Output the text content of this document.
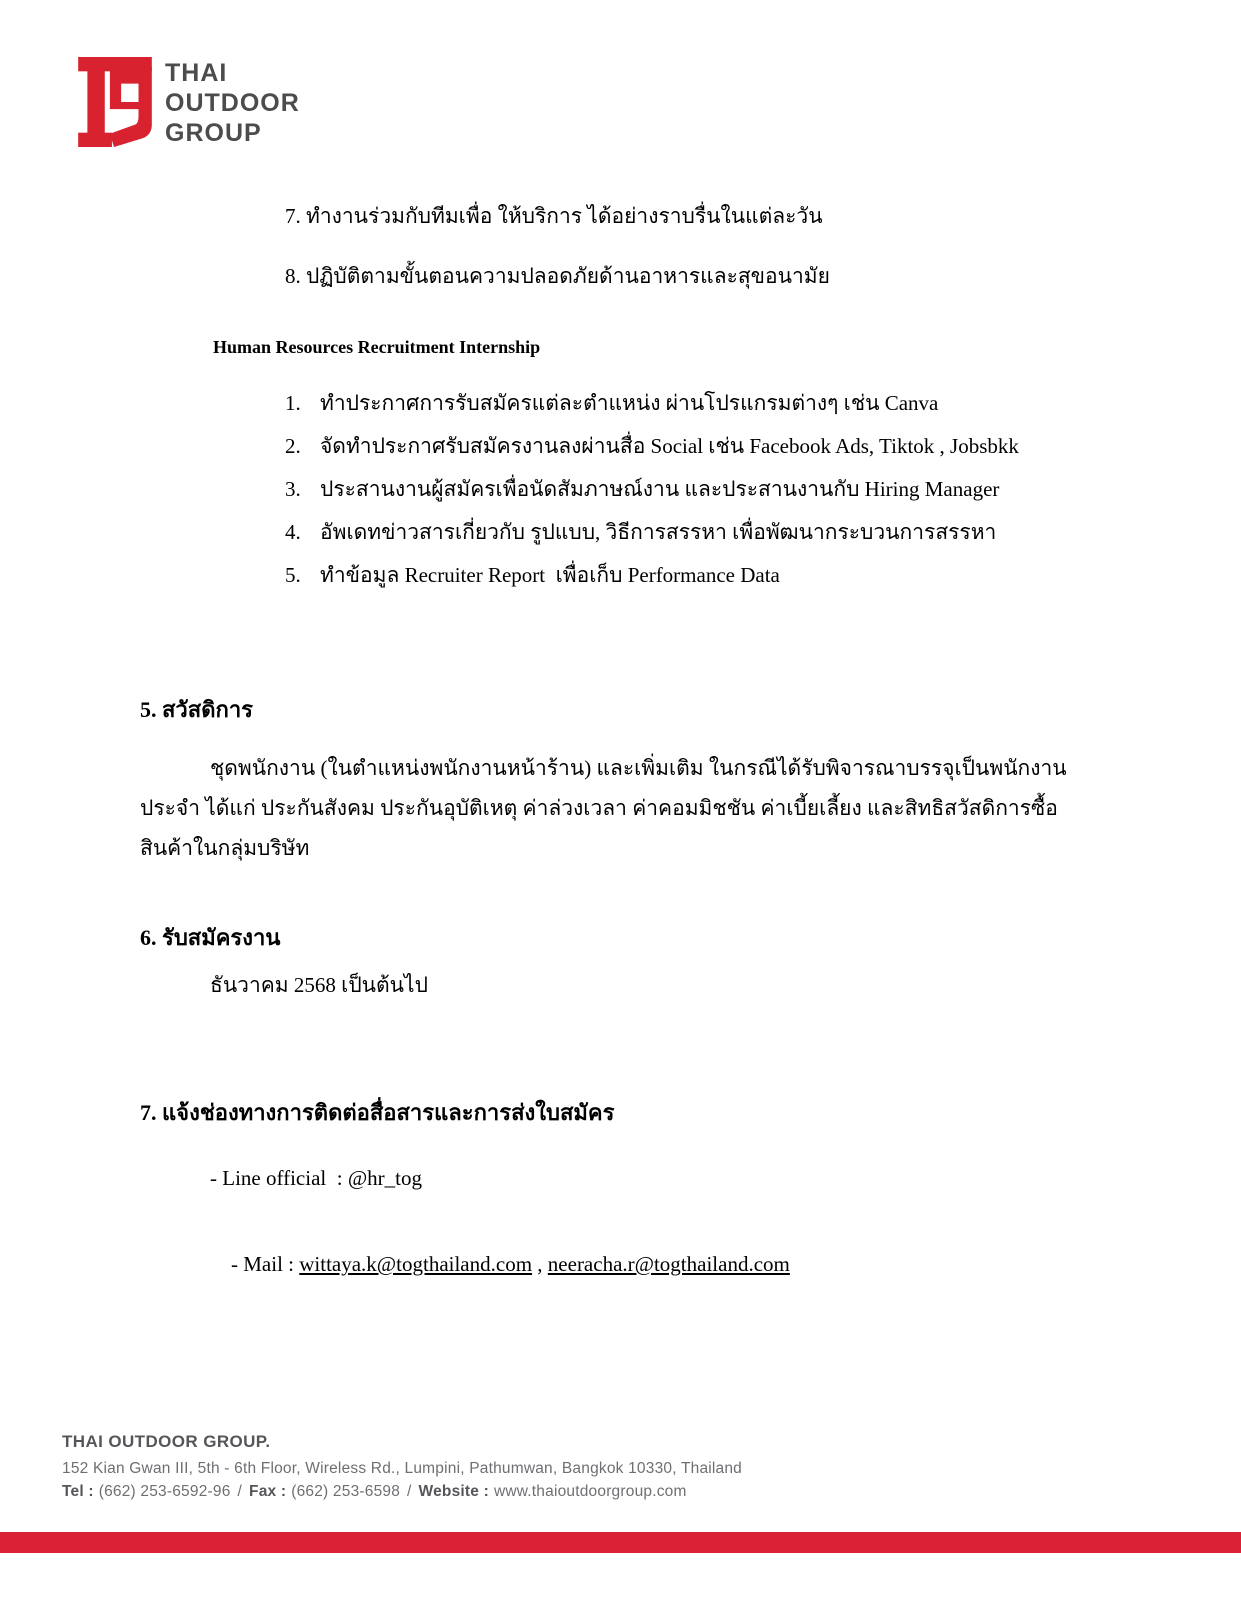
THAI
OUTDOOR
GROUP
7. ทำงานร่วมกับทีมเพื่อ ให้บริการ ได้อย่างราบรื่นในแต่ละวัน
8. ปฏิบัติตามขั้นตอนความปลอดภัยด้านอาหารและสุขอนามัย
Human Resources Recruitment Internship
1. ทำประกาศการรับสมัครแต่ละตำแหน่ง ผ่านโปรแกรมต่างๆ เช่น Canva
2. จัดทำประกาศรับสมัครงานลงผ่านสื่อ Social เช่น Facebook Ads, Tiktok , Jobsbkk
3. ประสานงานผู้สมัครเพื่อนัดสัมภาษณ์งาน และประสานงานกับ Hiring Manager
4. อัพเดทข่าวสารเกี่ยวกับ รูปแบบ, วิธีการสรรหา เพื่อพัฒนากระบวนการสรรหา
5. ทำข้อมูล Recruiter Report  เพื่อเก็บ Performance Data
5. สวัสดิการ
ชุดพนักงาน (ในตำแหน่งพนักงานหน้าร้าน) และเพิ่มเติม ในกรณีได้รับพิจารณาบรรจุเป็นพนักงานประจำ ได้แก่ ประกันสังคม ประกันอุบัติเหตุ ค่าล่วงเวลา ค่าคอมมิชชัน ค่าเบี้ยเลี้ยง และสิทธิสวัสดิการซื้อสินค้าในกลุ่มบริษัท
6. รับสมัครงาน
ธันวาคม 2568 เป็นต้นไป
7. แจ้งช่องทางการติดต่อสื่อสารและการส่งใบสมัคร
- Line official  : @hr_tog

- Mail : wittaya.k@togthailand.com , neeracha.r@togthailand.com

THAI OUTDOOR GROUP.
152 Kian Gwan III, 5th - 6th Floor, Wireless Rd., Lumpini, Pathumwan, Bangkok 10330, Thailand
Tel : (662) 253-6592-96 / Fax : (662) 253-6598 / Website : www.thaioutdoorgroup.com
